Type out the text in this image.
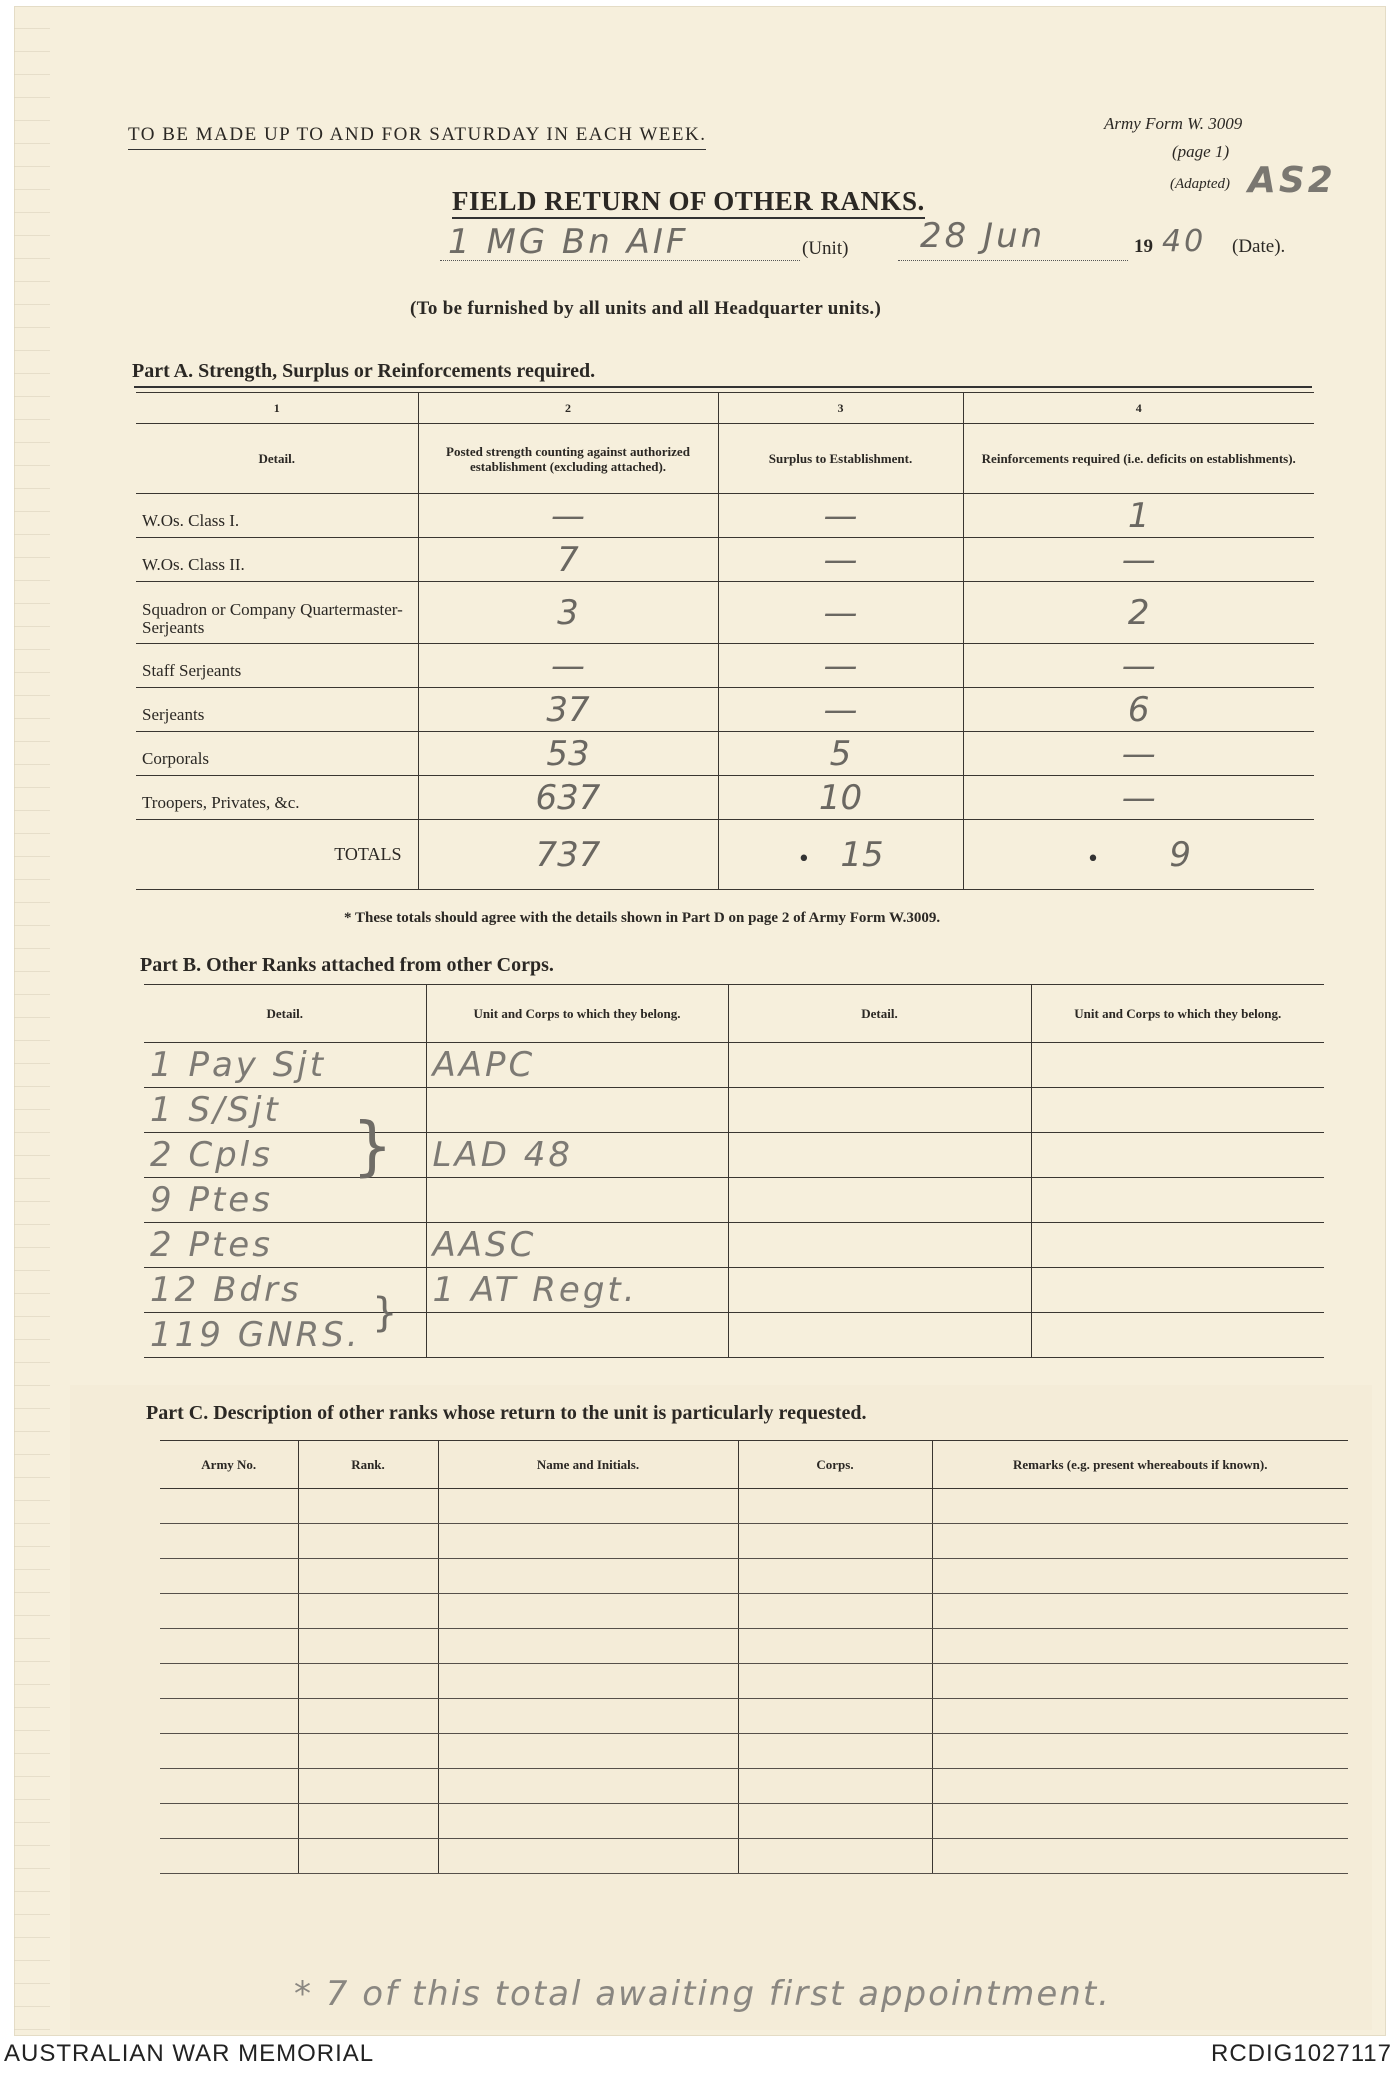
TO BE MADE UP TO AND FOR SATURDAY IN EACH WEEK.
Army Form W. 3009
(page 1)
(Adapted) AS2
FIELD RETURN OF OTHER RANKS.
1 MG Bn AIF	(Unit) 28 Jun	19 40 (Date).
(To be furnished by all units and all Headquarter units.)
Part A. Strength, Surplus or Reinforcements required.
1	2	3	4
Detail.	Posted strength counting against authorized establishment (excluding attached).	Surplus to Establishment.	Reinforcements required (i.e. deficits on establishments).
W.Os. Class I.	—	—	1
W.Os. Class II.	7	—	—
Squadron or Company Quartermaster-Serjeants	3	—	2
Staff Serjeants	—	—	—
Serjeants	37	—	6
Corporals	53	5	—
Troopers, Privates, &c.	637	10	—
TOTALS	737	• 15	• 9
* These totals should agree with the details shown in Part D on page 2 of Army Form W.3009.
Part B. Other Ranks attached from other Corps.
Detail.	Unit and Corps to which they belong.	Detail.	Unit and Corps to which they belong.
1 Pay Sjt	AAPC		
1 S/Sjt			
2 Cpls	LAD 48		
9 Ptes			
2 Ptes	AASC		
12 Bdrs	1 AT Regt.		
119 GNRS.			
}
}
Part C. Description of other ranks whose return to the unit is particularly requested.
Army No.	Rank.	Name and Initials.	Corps.	Remarks (e.g. present whereabouts if known).

* 7 of this total awaiting first appointment.
AUSTRALIAN WAR MEMORIAL	RCDIG1027117
